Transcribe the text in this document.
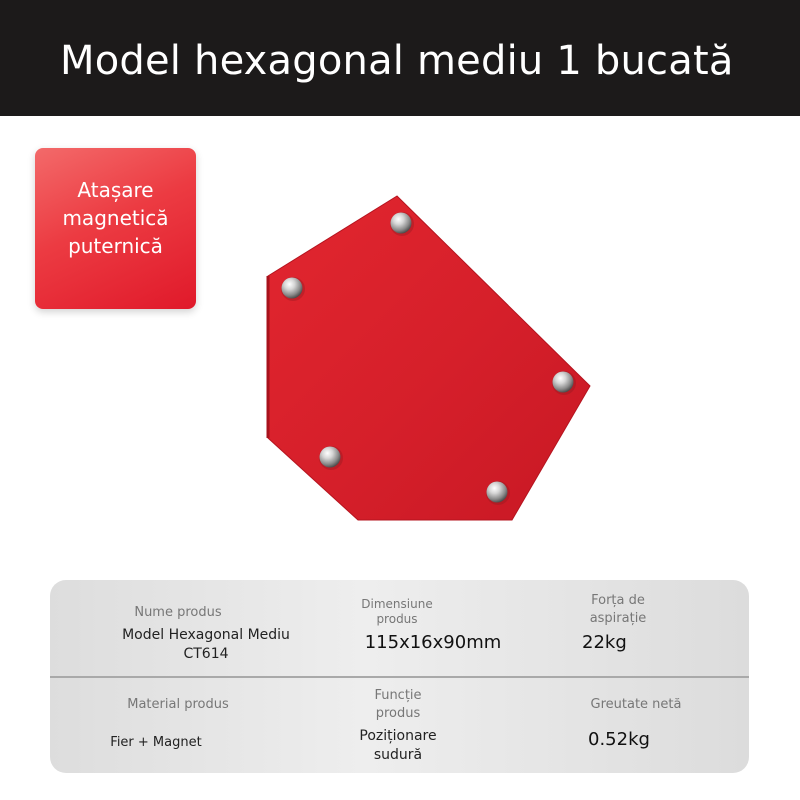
Model hexagonal mediu 1 bucată
Atașare magnetică puternică
Nume produs
Model Hexagonal Mediu CT614
Dimensiune produs
115x16x90mm
Forța de aspirație
22kg
Material produs
Fier + Magnet
Funcție produs
Poziționare sudură
Greutate netă
0.52kg
